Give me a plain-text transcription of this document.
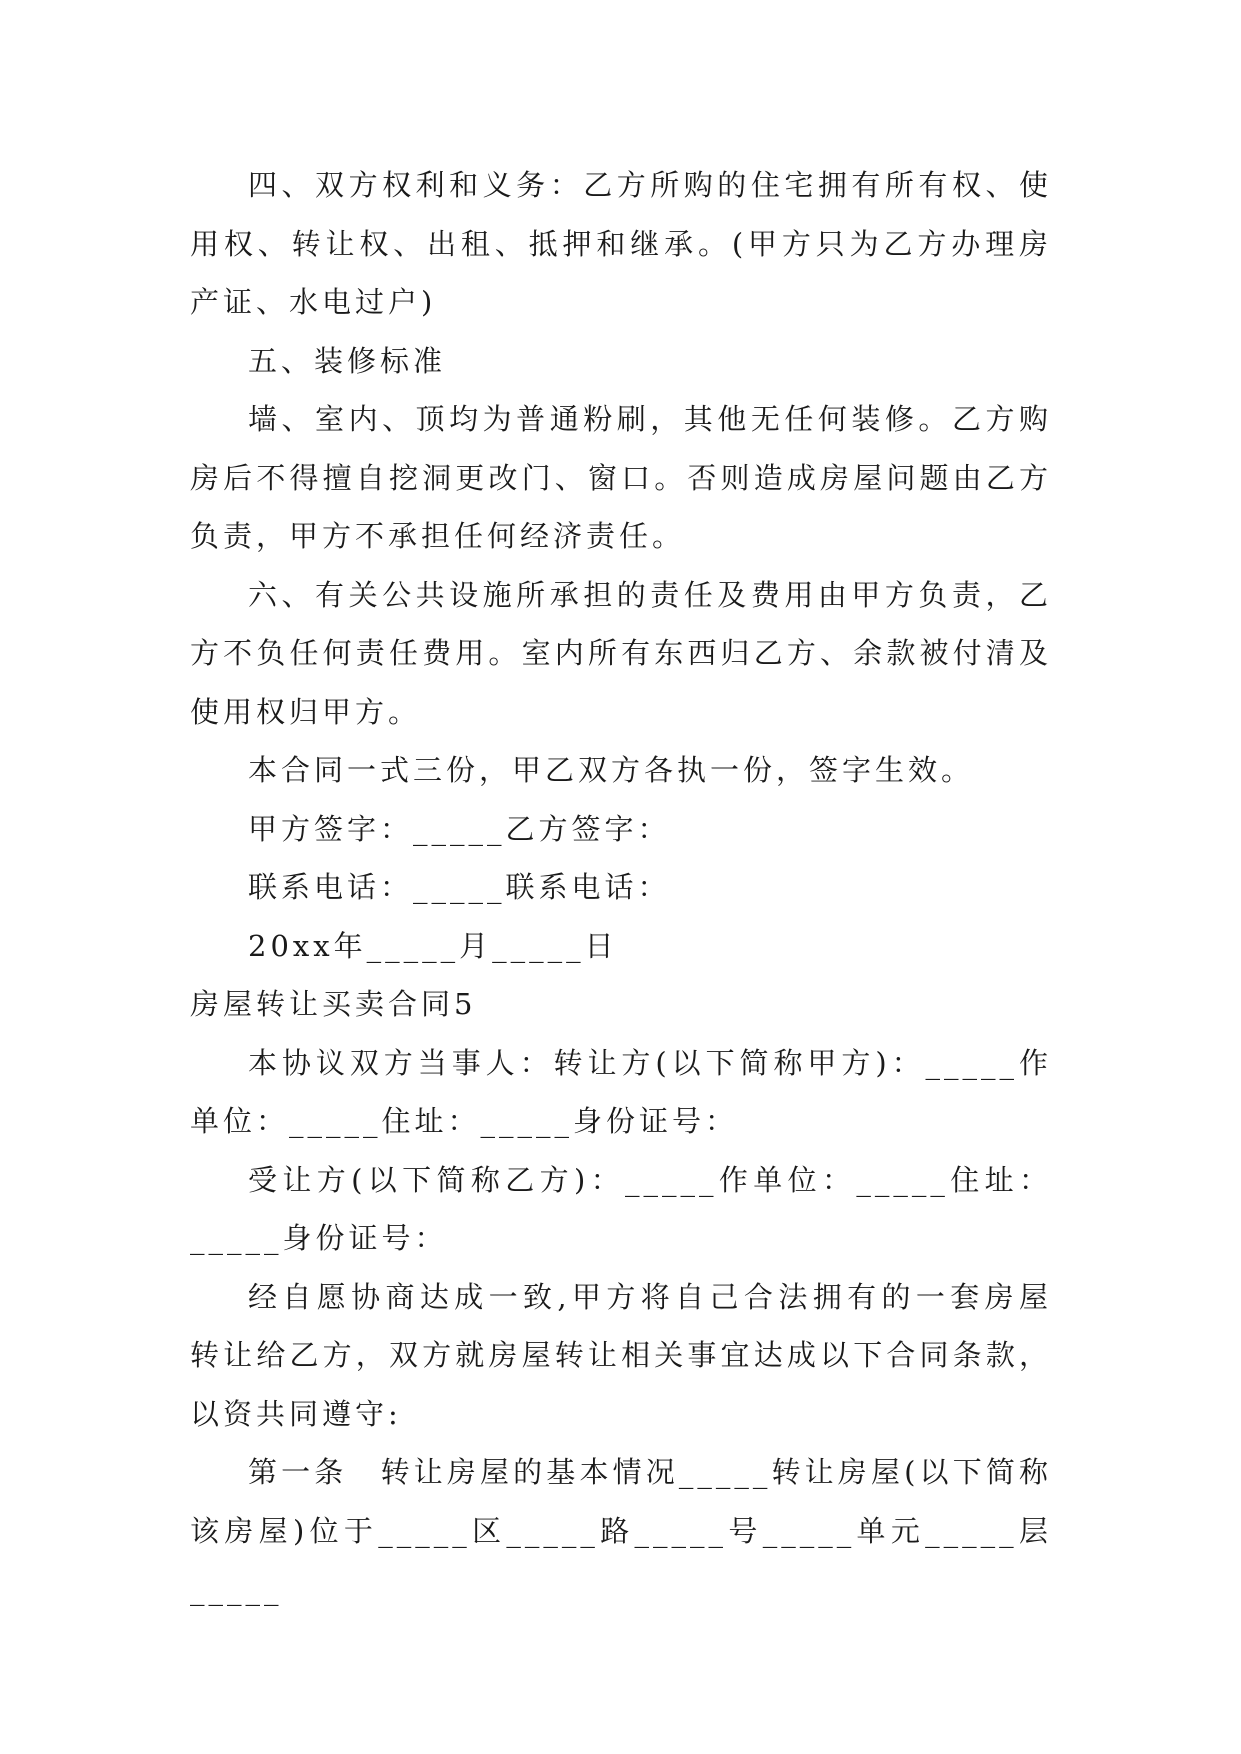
四、双方权利和义务：乙方所购的住宅拥有所有权、使用权、转让权、出租、抵押和继承。(甲方只为乙方办理房产证、水电过户)

五、装修标准

墙、室内、顶均为普通粉刷，其他无任何装修。乙方购房后不得擅自挖洞更改门、窗口。否则造成房屋问题由乙方负责，甲方不承担任何经济责任。

六、有关公共设施所承担的责任及费用由甲方负责，乙方不负任何责任费用。室内所有东西归乙方、余款被付清及使用权归甲方。

本合同一式三份，甲乙双方各执一份，签字生效。

甲方签字：_____乙方签字：

联系电话：_____联系电话：

20xx年_____月_____日

房屋转让买卖合同5

本协议双方当事人：转让方(以下简称甲方)：_____作单位：_____住址：_____身份证号：

受让方(以下简称乙方)：_____作单位：_____住址：_____身份证号：

经自愿协商达成一致,甲方将自己合法拥有的一套房屋转让给乙方，双方就房屋转让相关事宜达成以下合同条款，以资共同遵守:

第一条　转让房屋的基本情况_____转让房屋(以下简称该房屋)位于_____区_____路_____号_____单元_____层_____
